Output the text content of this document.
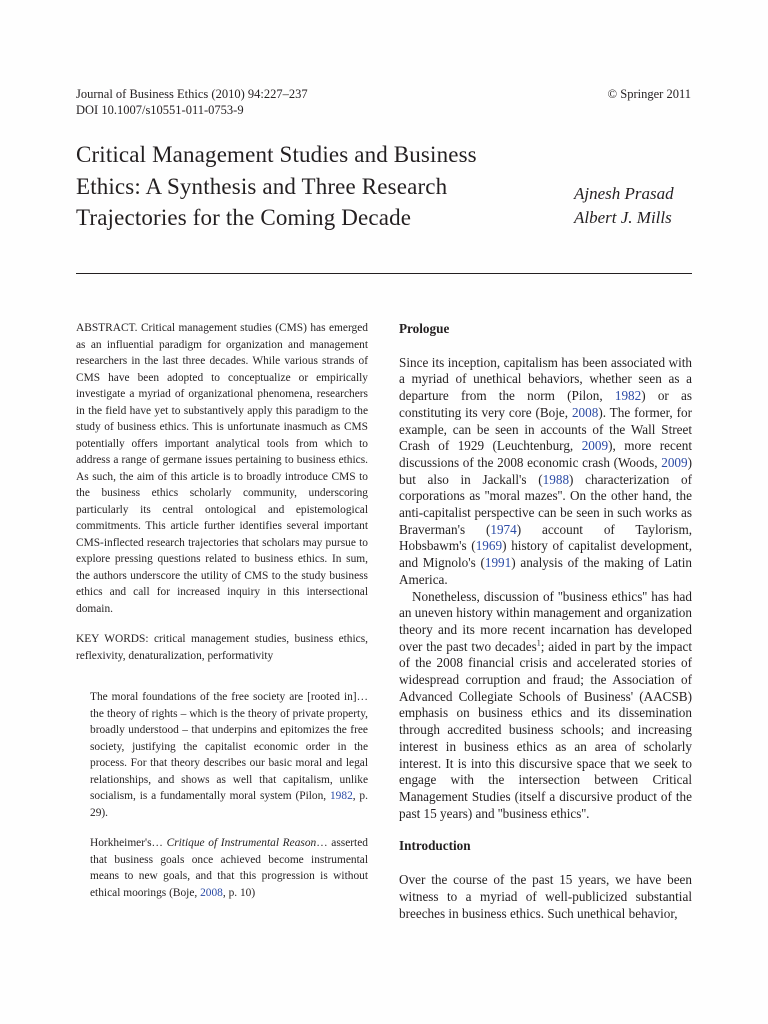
Journal of Business Ethics (2010) 94:227–237
DOI 10.1007/s10551-011-0753-9
© Springer 2011
Critical Management Studies and Business
Ethics: A Synthesis and Three Research
Trajectories for the Coming Decade
Ajnesh Prasad
Albert J. Mills

ABSTRACT. Critical management studies (CMS) has emerged as an influential paradigm for organization and management researchers in the last three decades. While various strands of CMS have been adopted to conceptualize or empirically investigate a myriad of organizational phenomena, researchers in the field have yet to substantively apply this paradigm to the study of business ethics. This is unfortunate inasmuch as CMS potentially offers important analytical tools from which to address a range of germane issues pertaining to business ethics. As such, the aim of this article is to broadly introduce CMS to the business ethics scholarly community, underscoring particularly its central ontological and epistemological commitments. This article further identifies several important CMS-inflected research trajectories that scholars may pursue to explore pressing questions related to business ethics. In sum, the authors underscore the utility of CMS to the study business ethics and call for increased inquiry in this intersectional domain.

KEY WORDS: critical management studies, business ethics, reflexivity, denaturalization, performativity

The moral foundations of the free society are [rooted in]… the theory of rights – which is the theory of private property, broadly understood – that underpins and epitomizes the free society, justifying the capitalist economic order in the process. For that theory describes our basic moral and legal relationships, and shows as well that capitalism, unlike socialism, is a fundamentally moral system (Pilon, 1982, p. 29).

Horkheimer's… Critique of Instrumental Reason… asserted that business goals once achieved become instrumental means to new goals, and that this progression is without ethical moorings (Boje, 2008, p. 10)

Prologue

Since its inception, capitalism has been associated with a myriad of unethical behaviors, whether seen as a departure from the norm (Pilon, 1982) or as constituting its very core (Boje, 2008). The former, for example, can be seen in accounts of the Wall Street Crash of 1929 (Leuchtenburg, 2009), more recent discussions of the 2008 economic crash (Woods, 2009) but also in Jackall's (1988) characterization of corporations as ''moral mazes''. On the other hand, the anti-capitalist perspective can be seen in such works as Braverman's (1974) account of Taylorism, Hobsbawm's (1969) history of capitalist development, and Mignolo's (1991) analysis of the making of Latin America.

Nonetheless, discussion of ''business ethics'' has had an uneven history within management and organization theory and its more recent incarnation has developed over the past two decades$^1$; aided in part by the impact of the 2008 financial crisis and accelerated stories of widespread corruption and fraud; the Association of Advanced Collegiate Schools of Business' (AACSB) emphasis on business ethics and its dissemination through accredited business schools; and increasing interest in business ethics as an area of scholarly interest. It is into this discursive space that we seek to engage with the intersection between Critical Management Studies (itself a discursive product of the past 15 years) and ''business ethics''.

Introduction

Over the course of the past 15 years, we have been witness to a myriad of well-publicized substantial breeches in business ethics. Such unethical behavior,
